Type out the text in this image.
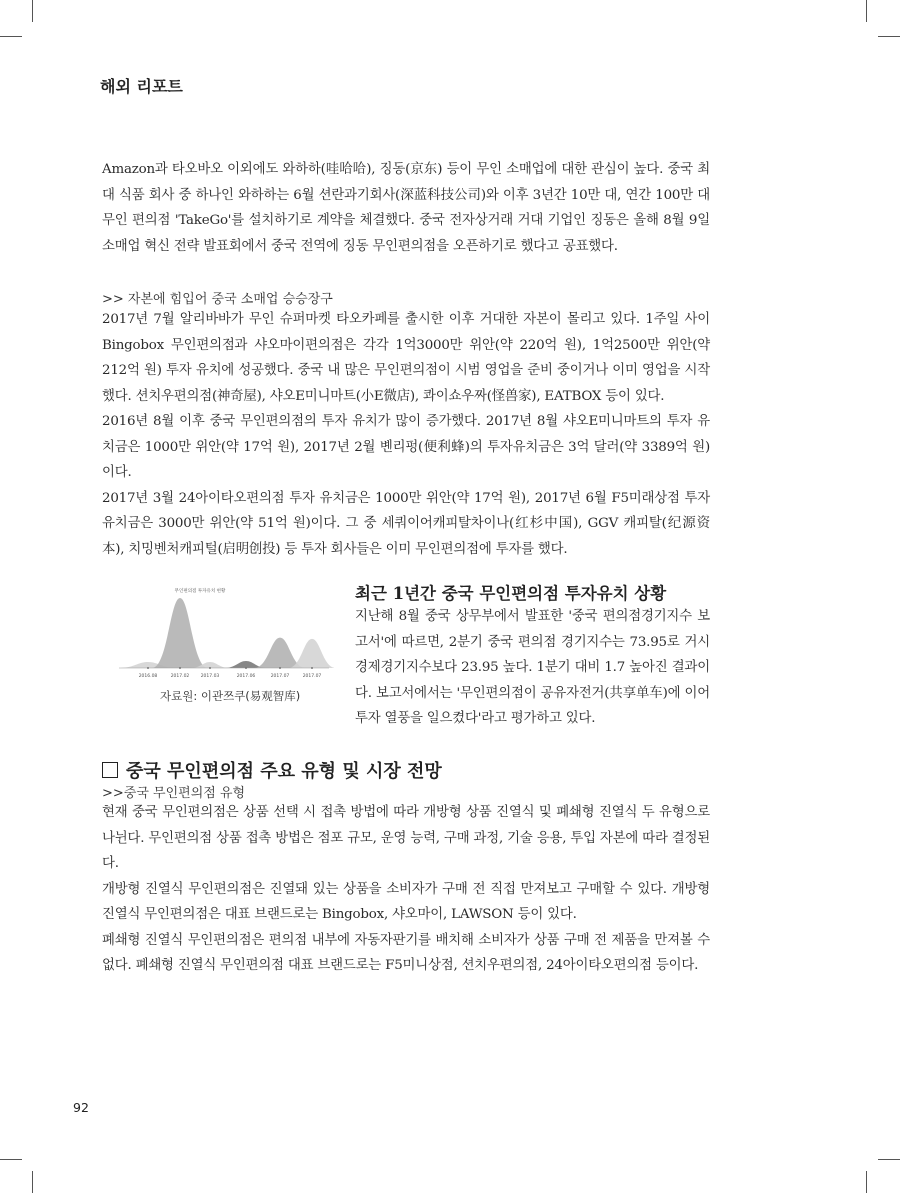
해외 리포트

Amazon과 타오바오 이외에도 와하하(哇哈哈), 징동(京东) 등이 무인 소매업에 대한 관심이 높다. 중국 최대 식품 회사 중 하나인 와하하는 6월 션란과기회사(深蓝科技公司)와 이후 3년간 10만 대, 연간 100만 대 무인 편의점 'TakeGo'를 설치하기로 계약을 체결했다. 중국 전자상거래 거대 기업인 징동은 올해 8월 9일 소매업 혁신 전략 발표회에서 중국 전역에 징동 무인편의점을 오픈하기로 했다고 공표했다.

>> 자본에 힘입어 중국 소매업 승승장구

2017년 7월 알리바바가 무인 슈퍼마켓 타오카페를 출시한 이후 거대한 자본이 몰리고 있다. 1주일 사이 Bingobox 무인편의점과 샤오마이편의점은 각각 1억3000만 위안(약 220억 원), 1억2500만 위안(약 212억 원) 투자 유치에 성공했다. 중국 내 많은 무인편의점이 시범 영업을 준비 중이거나 이미 영업을 시작했다. 션치우편의점(神奇屋), 샤오E미니마트(小E微店), 콰이쇼우짜(怪兽家), EATBOX 등이 있다.

2016년 8월 이후 중국 무인편의점의 투자 유치가 많이 증가했다. 2017년 8월 샤오E미니마트의 투자 유치금은 1000만 위안(약 17억 원), 2017년 2월 볜리펑(便利蜂)의 투자유치금은 3억 달러(약 3389억 원)이다.

2017년 3월 24아이타오편의점 투자 유치금은 1000만 위안(약 17억 원), 2017년 6월 F5미래상점 투자 유치금은 3000만 위안(약 51억 원)이다. 그 중 세쿼이어캐피탈차이나(红杉中国), GGV 캐피탈(纪源资本), 치밍벤처캐피털(启明创投) 등 투자 회사들은 이미 무인편의점에 투자를 했다.

무인편의점 투자유치 현황
2016.08	2017.02	2017.03	2017.06	2017.07	2017.07
자료원: 이관쯔쿠(易观智库)
최근 1년간 중국 무인편의점 투자유치 상황
지난해 8월 중국 상무부에서 발표한 '중국 편의점경기지수 보고서'에 따르면, 2분기 중국 편의점 경기지수는 73.95로 거시경제경기지수보다 23.95 높다. 1분기 대비 1.7 높아진 결과이다. 보고서에서는 '무인편의점이 공유자전거(共享单车)에 이어 투자 열풍을 일으켰다'라고 평가하고 있다.
중국 무인편의점 주요 유형 및 시장 전망
>>중국 무인편의점 유형

현재 중국 무인편의점은 상품 선택 시 접촉 방법에 따라 개방형 상품 진열식 및 폐쇄형 진열식 두 유형으로 나뉜다. 무인편의점 상품 접촉 방법은 점포 규모, 운영 능력, 구매 과정, 기술 응용, 투입 자본에 따라 결정된다.

개방형 진열식 무인편의점은 진열돼 있는 상품을 소비자가 구매 전 직접 만져보고 구매할 수 있다. 개방형 진열식 무인편의점은 대표 브랜드로는 Bingobox, 샤오마이, LAWSON 등이 있다.

폐쇄형 진열식 무인편의점은 편의점 내부에 자동자판기를 배치해 소비자가 상품 구매 전 제품을 만져볼 수 없다. 폐쇄형 진열식 무인편의점 대표 브랜드로는 F5미니상점, 션치우편의점, 24아이타오편의점 등이다.

92
